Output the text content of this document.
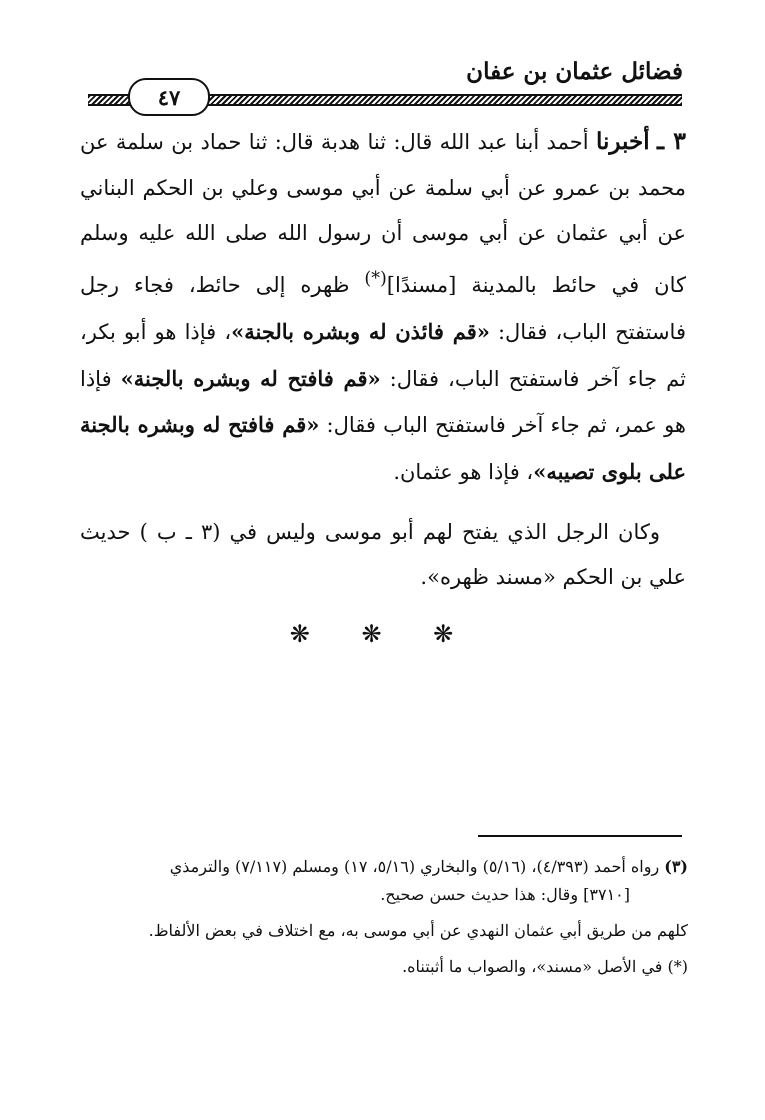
فضائل عثمان بن عفان
٤٧

٣ ـ أخبرنا أحمد أبنا عبد الله قال: ثنا هدبة قال: ثنا حماد بن سلمة عن محمد بن عمرو عن أبي سلمة عن أبي موسى وعلي بن الحكم البناني عن أبي عثمان عن أبي موسى أن رسول الله صلى الله عليه وسلم كان في حائط بالمدينة [مسندًا](*) ظهره إلى حائط، فجاء رجل فاستفتح الباب، فقال: «قم فائذن له وبشره بالجنة»، فإذا هو أبو بكر، ثم جاء آخر فاستفتح الباب، فقال: «قم فافتح له وبشره بالجنة» فإذا هو عمر، ثم جاء آخر فاستفتح الباب فقال: «قم فافتح له وبشره بالجنة على بلوى تصيبه»، فإذا هو عثمان.

وكان الرجل الذي يفتح لهم أبو موسى وليس في (٣ ـ ب ) حديث علي بن الحكم «مسند ظهره».

❋ ❋ ❋

(٣) رواه أحمد (٤/٣٩٣)، (٥/١٦) والبخاري (٥/١٦، ١٧) ومسلم (٧/١١٧) والترمذي

[٣٧١٠] وقال: هذا حديث حسن صحيح.

كلهم من طريق أبي عثمان النهدي عن أبي موسى به، مع اختلاف في بعض الألفاظ.

(*) في الأصل «مسند»، والصواب ما أثبتناه.
